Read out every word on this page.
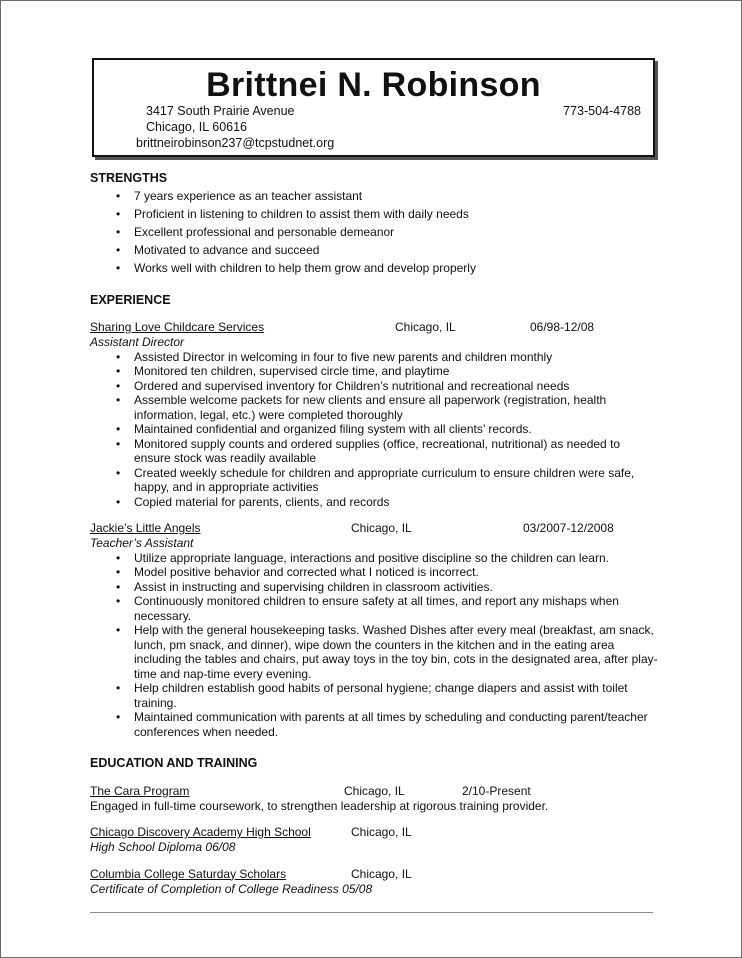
Brittnei N. Robinson
3417 South Prairie Avenue
Chicago, IL 60616
brittneirobinson237@tcpstudnet.org
773-504-4788
STRENGTHS
• 7 years experience as an teacher assistant
• Proficient in listening to children to assist them with daily needs
• Excellent professional and personable demeanor
• Motivated to advance and succeed
• Works well with children to help them grow and develop properly
EXPERIENCE
Sharing Love Childcare Services	Chicago, IL	06/98-12/08
Assistant Director
• Assisted Director in welcoming in four to five new parents and children monthly
• Monitored ten children, supervised circle time, and playtime
• Ordered and supervised inventory for Children’s nutritional and recreational needs
• Assemble welcome packets for new clients and ensure all paperwork (registration, health information, legal, etc.) were completed thoroughly
• Maintained confidential and organized filing system with all clients’ records.
• Monitored supply counts and ordered supplies (office, recreational, nutritional) as needed to ensure stock was readily available
• Created weekly schedule for children and appropriate curriculum to ensure children were safe, happy, and in appropriate activities
• Copied material for parents, clients, and records
Jackie’s Little Angels	Chicago, IL	03/2007-12/2008
Teacher’s Assistant
• Utilize appropriate language, interactions and positive discipline so the children can learn.
• Model positive behavior and corrected what I noticed is incorrect.
• Assist in instructing and supervising children in classroom activities.
• Continuously monitored children to ensure safety at all times, and report any mishaps when necessary.
• Help with the general housekeeping tasks. Washed Dishes after every meal (breakfast, am snack, lunch, pm snack, and dinner), wipe down the counters in the kitchen and in the eating area including the tables and chairs, put away toys in the toy bin, cots in the designated area, after play-time and nap-time every evening.
• Help children establish good habits of personal hygiene; change diapers and assist with toilet training.
• Maintained communication with parents at all times by scheduling and conducting parent/teacher conferences when needed.
EDUCATION AND TRAINING
The Cara Program	Chicago, IL	2/10-Present
Engaged in full-time coursework, to strengthen leadership at rigorous training provider.
Chicago Discovery Academy High School	Chicago, IL
High School Diploma 06/08
Columbia College Saturday Scholars	Chicago, IL
Certificate of Completion of College Readiness 05/08
